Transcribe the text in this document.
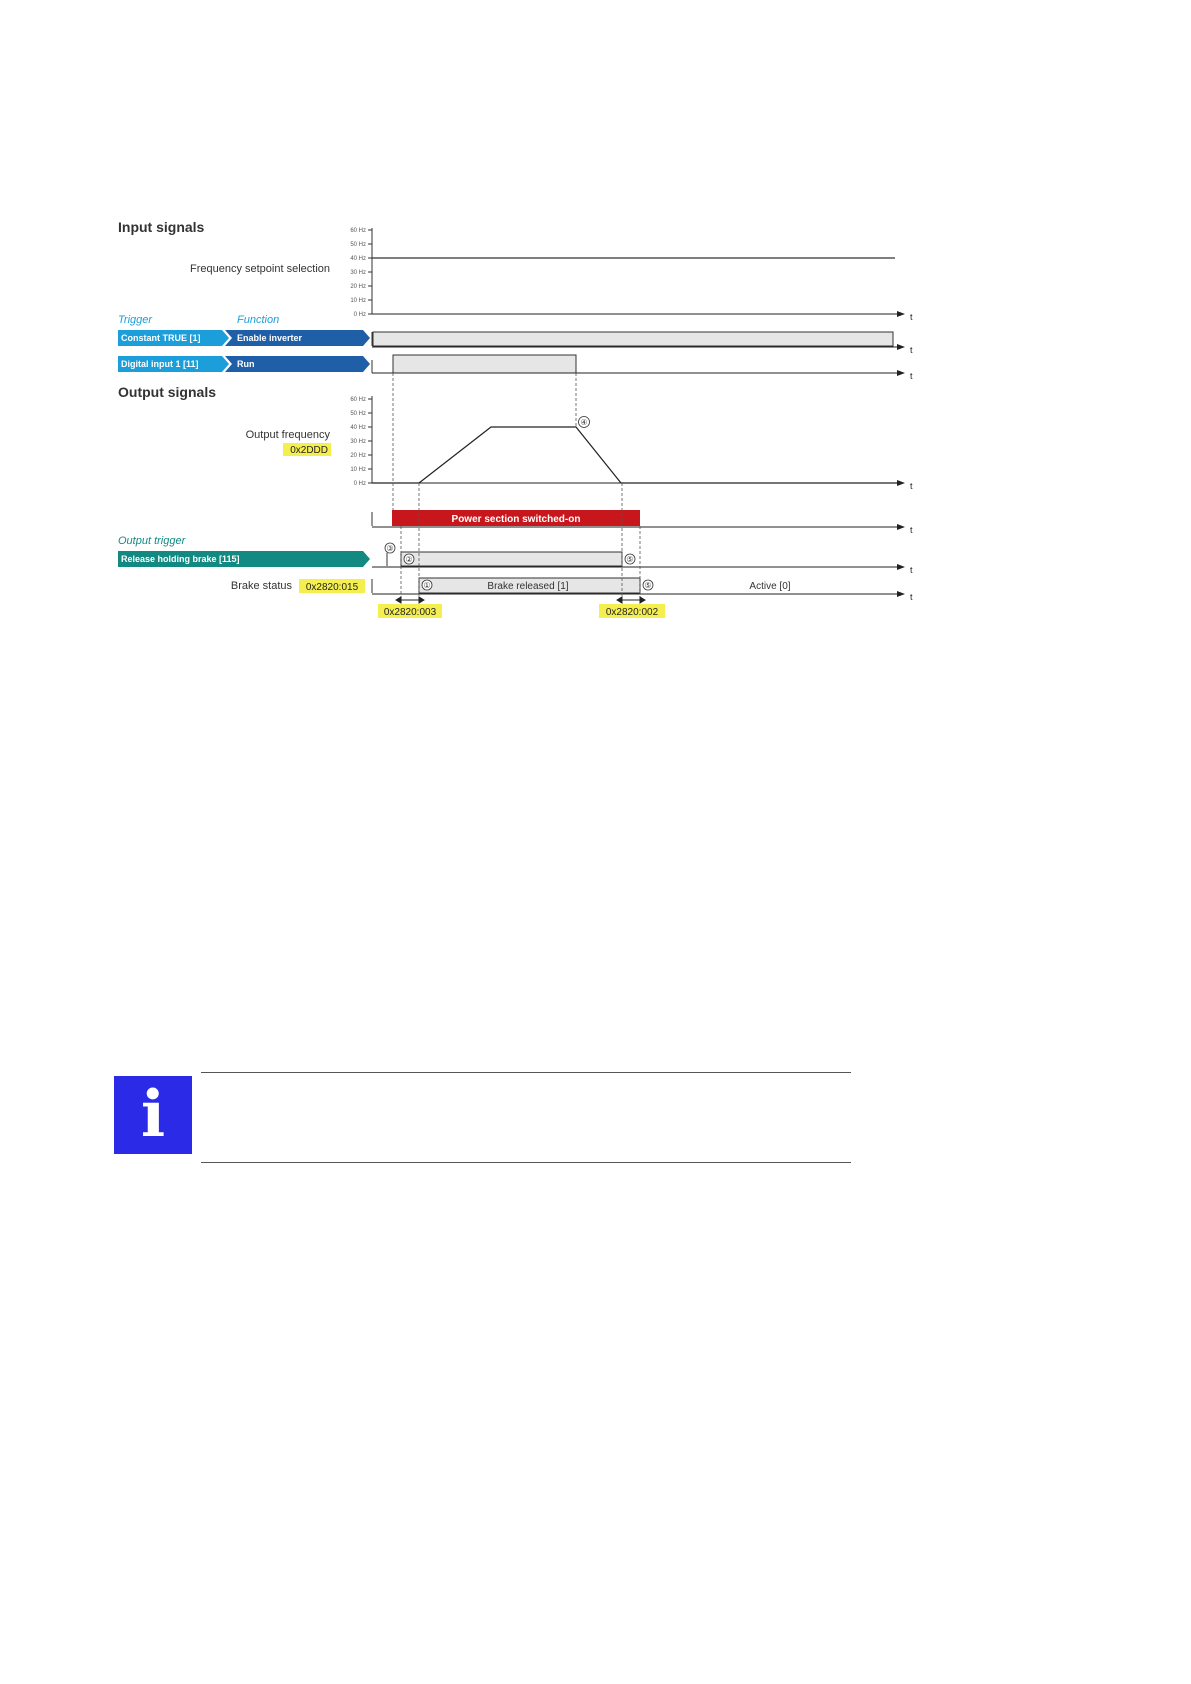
Input signals
Frequency setpoint selection
60 Hz
50 Hz
40 Hz
30 Hz
20 Hz
10 Hz
0 Hz	t
Trigger	Function
Constant TRUE [1]	Enable inverter
t
Digital input 1 [11]	Run
t
Output signals
Output frequency
0x2DDD
60 Hz
50 Hz
40 Hz
30 Hz
20 Hz
10 Hz
0 Hz	t
④
Power section switched-on
t
Output trigger
Release holding brake [115]
t
③
②	⑤
Brake status 0x2820:015	Brake released [1]	Active [0]
t
①	⑤
0x2820:003	0x2820:002
i
